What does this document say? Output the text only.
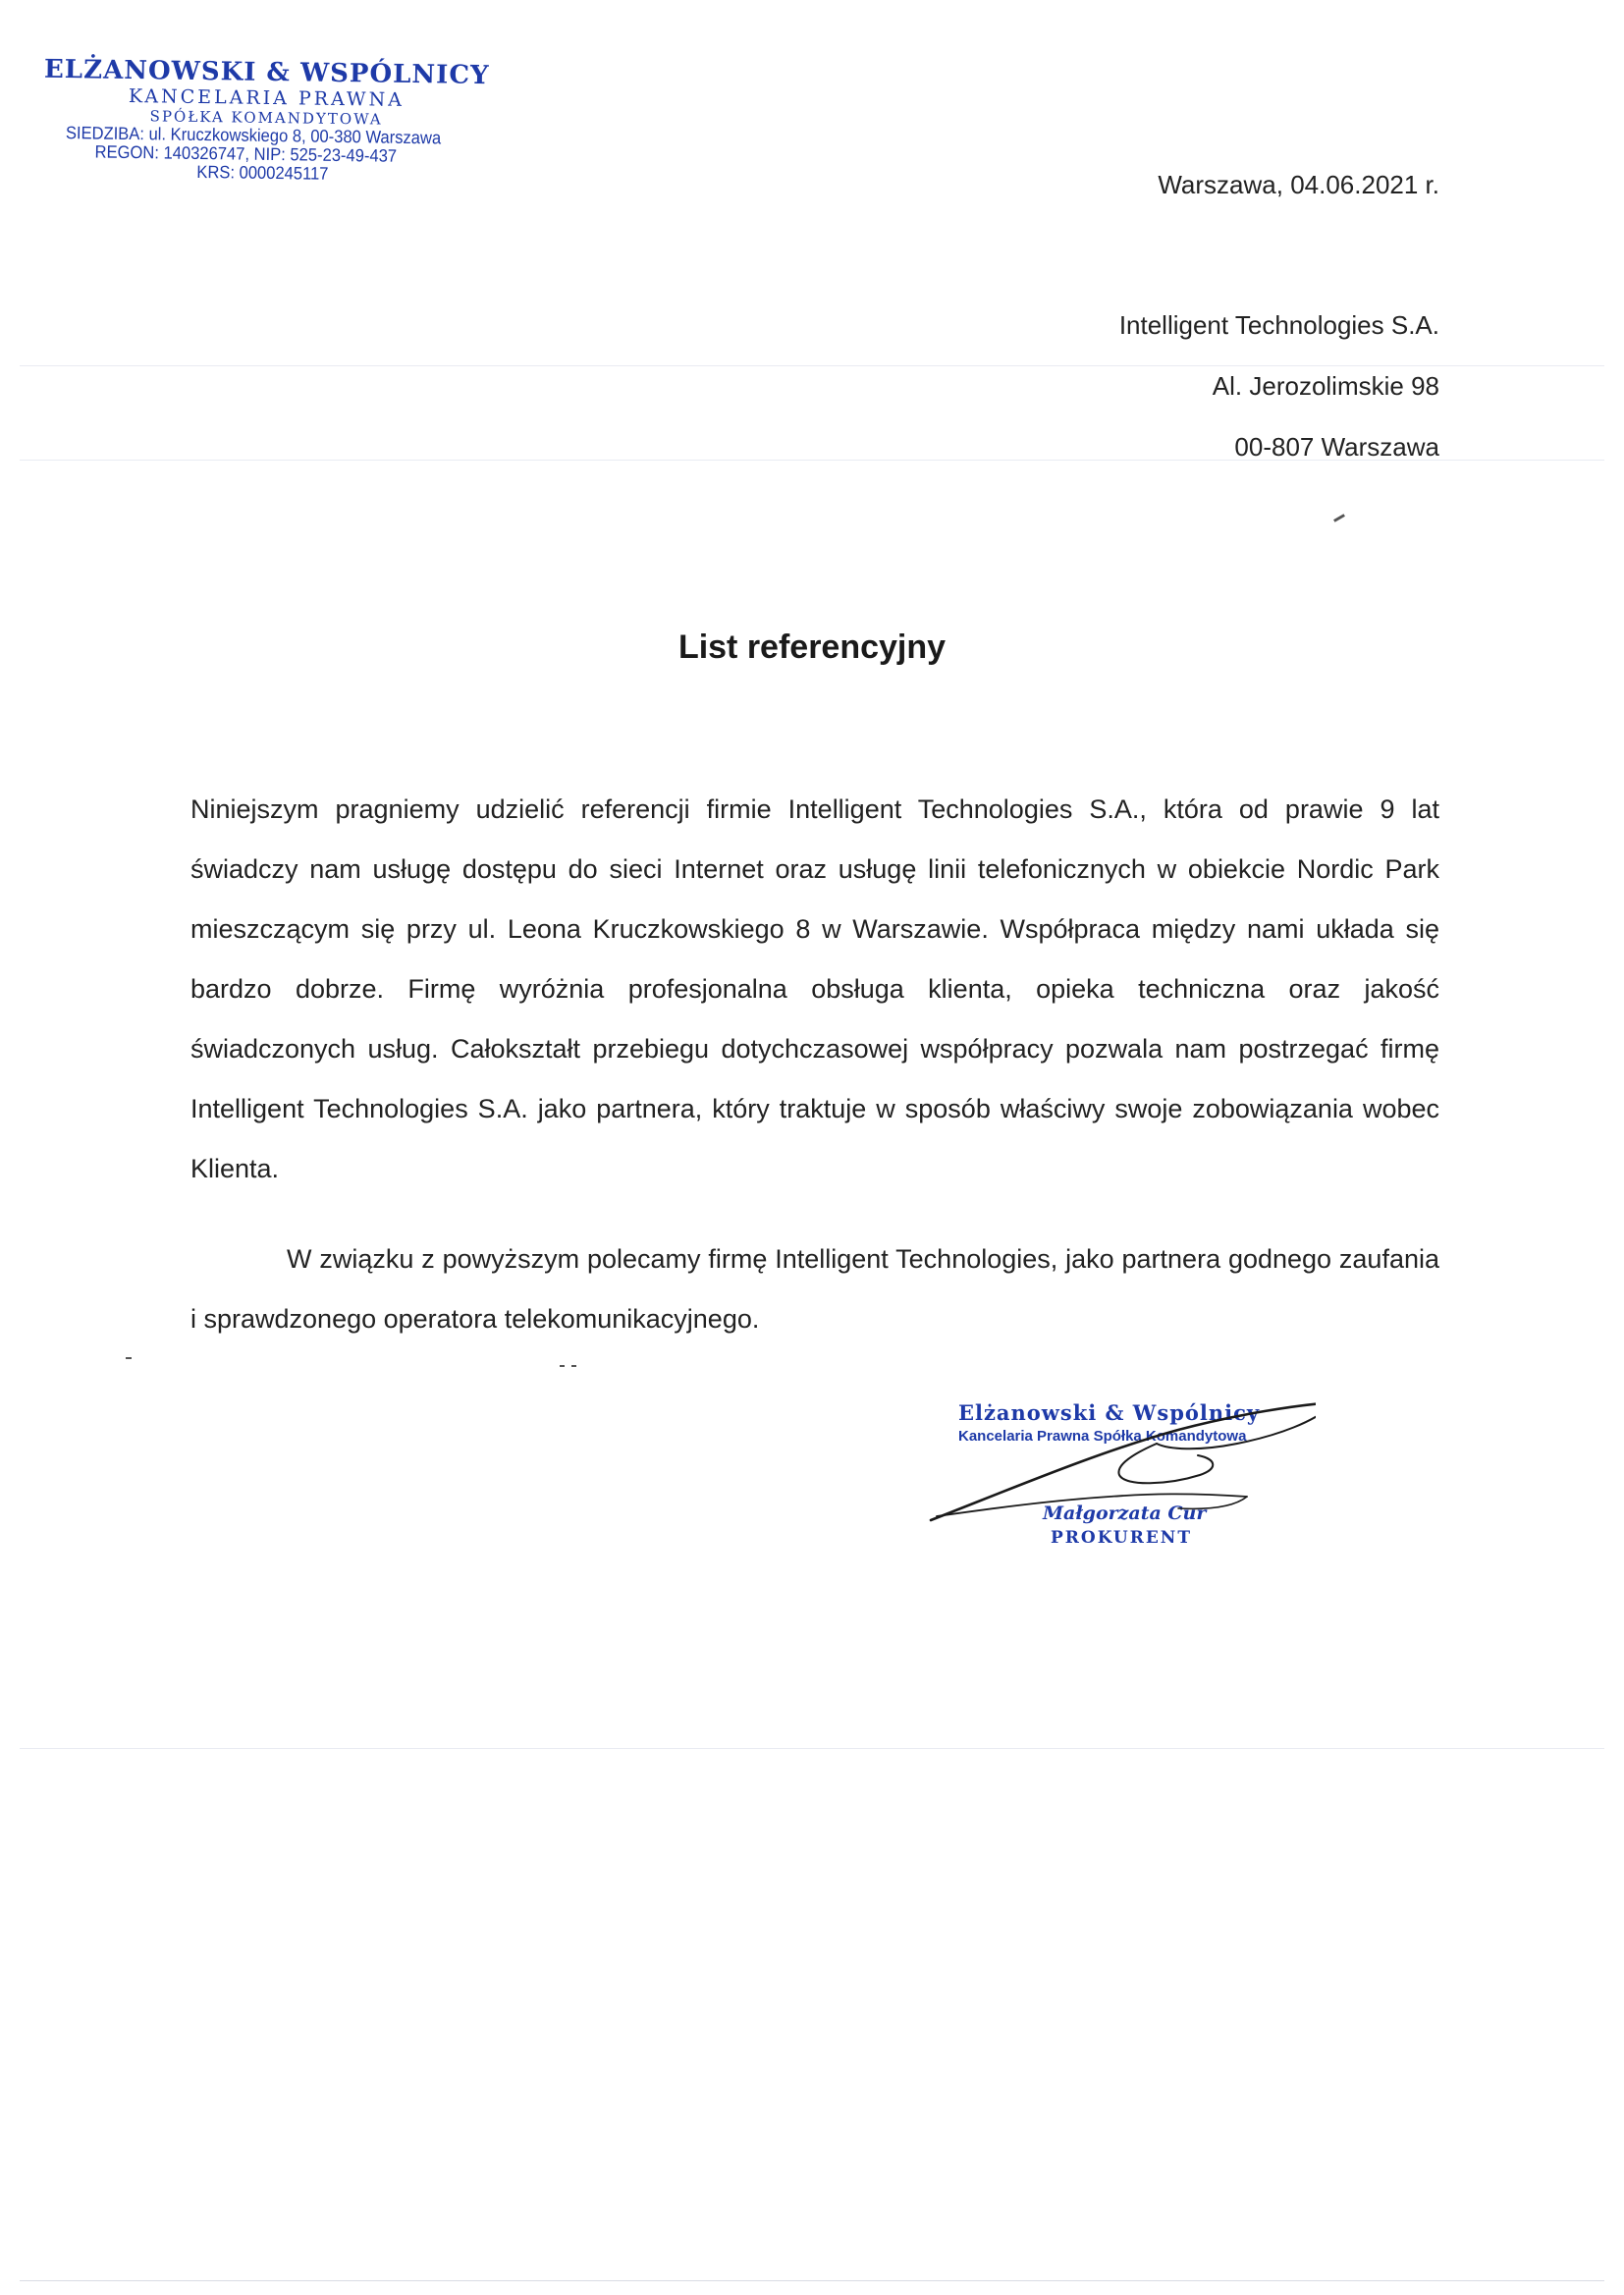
ELŻANOWSKI & WSPÓLNICY
KANCELARIA PRAWNA
SPÓŁKA KOMANDYTOWA
SIEDZIBA: ul. Kruczkowskiego 8, 00-380 Warszawa
REGON: 140326747, NIP: 525-23-49-437
KRS: 0000245117	Warszawa, 04.06.2021 r.
Intelligent Technologies S.A.
Al. Jerozolimskie 98
00-807 Warszawa
List referencyjny
Niniejszym pragniemy udzielić referencji firmie Intelligent Technologies S.A., która od prawie 9 lat świadczy nam usługę dostępu do sieci Internet oraz usługę linii telefonicznych w obiekcie Nordic Park mieszczącym się przy ul. Leona Kruczkowskiego 8 w Warszawie. Współpraca między nami układa się bardzo dobrze. Firmę wyróżnia profesjonalna obsługa klienta, opieka techniczna oraz jakość świadczonych usług. Całokształt przebiegu dotychczasowej współpracy pozwala nam postrzegać firmę Intelligent Technologies S.A. jako partnera, który traktuje w sposób właściwy swoje zobowiązania wobec Klienta.
W związku z powyższym polecamy firmę Intelligent Technologies, jako partnera godnego zaufania i sprawdzonego operatora telekomunikacyjnego.
Elżanowski & Wspólnicy
Kancelaria Prawna Spółka Komandytowa
Małgorzata Cur
PROKURENT
